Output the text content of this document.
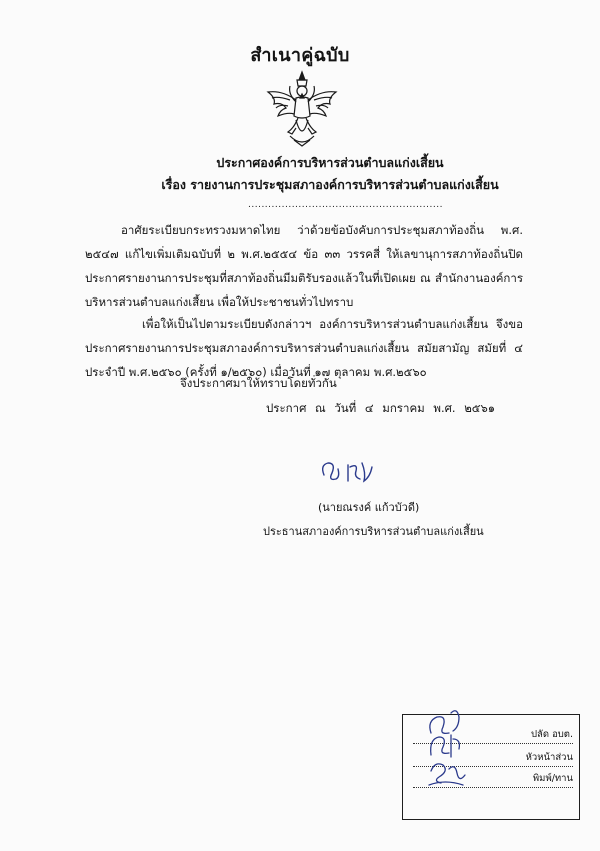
สำเนาคู่ฉบับ
ประกาศองค์การบริหารส่วนตำบลแก่งเสี้ยน
เรื่อง รายงานการประชุมสภาองค์การบริหารส่วนตำบลแก่งเสี้ยน
..........................................................
อาศัยระเบียบกระทรวงมหาดไทย ว่าด้วยข้อบังคับการประชุมสภาท้องถิ่น พ.ศ. ๒๕๔๗ แก้ไขเพิ่มเติมฉบับที่ ๒ พ.ศ.๒๕๕๔ ข้อ ๓๓ วรรคสี่ ให้เลขานุการสภาท้องถิ่นปิดประกาศรายงานการประชุมที่สภาท้องถิ่นมีมติรับรองแล้วในที่เปิดเผย ณ สำนักงานองค์การบริหารส่วนตำบลแก่งเสี้ยน เพื่อให้ประชาชนทั่วไปทราบ
เพื่อให้เป็นไปตามระเบียบดังกล่าวฯ องค์การบริหารส่วนตำบลแก่งเสี้ยน จึงขอประกาศรายงานการประชุมสภาองค์การบริหารส่วนตำบลแก่งเสี้ยน สมัยสามัญ สมัยที่ ๔ ประจำปี พ.ศ.๒๕๖๐ (ครั้งที่ ๑/๒๕๖๐) เมื่อวันที่ ๑๗ ตุลาคม พ.ศ.๒๕๖๐
จึงประกาศมาให้ทราบโดยทั่วกัน
ประกาศ ณ วันที่ ๔ มกราคม พ.ศ. ๒๕๖๑
(นายณรงค์ แก้วบัวดี)
ประธานสภาองค์การบริหารส่วนตำบลแก่งเสี้ยน
ปลัด อบต.
หัวหน้าส่วน
พิมพ์/ทาน
